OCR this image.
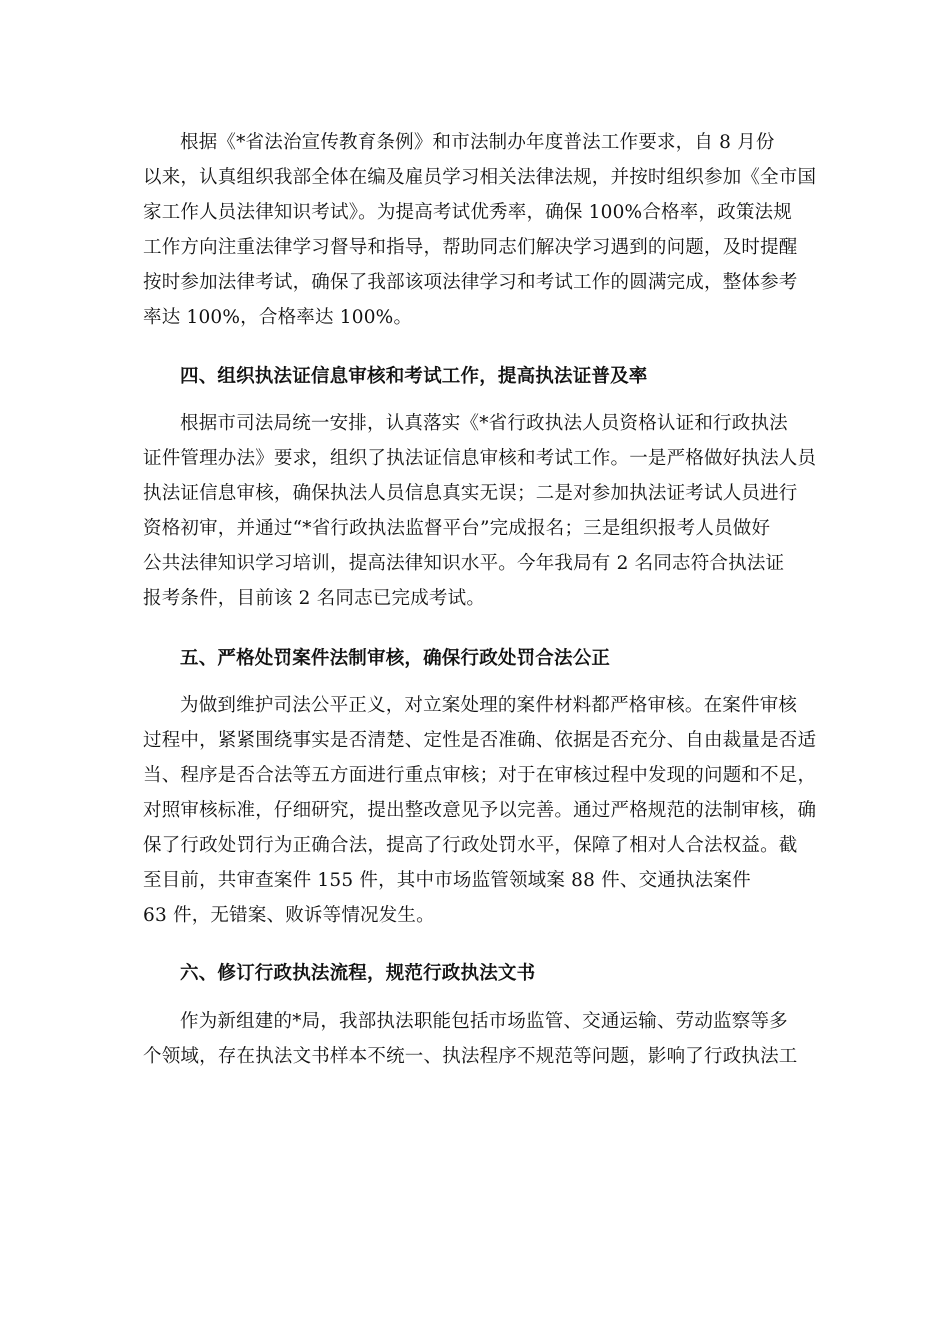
根据《*省法治宣传教育条例》和市法制办年度普法工作要求，自 8 月份
以来，认真组织我部全体在编及雇员学习相关法律法规，并按时组织参加《全市国
家工作人员法律知识考试》。为提高考试优秀率，确保 100%合格率，政策法规
工作方向注重法律学习督导和指导，帮助同志们解决学习遇到的问题，及时提醒
按时参加法律考试，确保了我部该项法律学习和考试工作的圆满完成，整体参考
率达 100%，合格率达 100%。
四、组织执法证信息审核和考试工作，提高执法证普及率
根据市司法局统一安排，认真落实《*省行政执法人员资格认证和行政执法
证件管理办法》要求，组织了执法证信息审核和考试工作。一是严格做好执法人员
执法证信息审核，确保执法人员信息真实无误；二是对参加执法证考试人员进行
资格初审，并通过“*省行政执法监督平台”完成报名；三是组织报考人员做好
公共法律知识学习培训，提高法律知识水平。今年我局有 2 名同志符合执法证
报考条件，目前该 2 名同志已完成考试。
五、严格处罚案件法制审核，确保行政处罚合法公正
为做到维护司法公平正义，对立案处理的案件材料都严格审核。在案件审核
过程中，紧紧围绕事实是否清楚、定性是否准确、依据是否充分、自由裁量是否适
当、程序是否合法等五方面进行重点审核；对于在审核过程中发现的问题和不足，
对照审核标准，仔细研究，提出整改意见予以完善。通过严格规范的法制审核，确
保了行政处罚行为正确合法，提高了行政处罚水平，保障了相对人合法权益。截
至目前，共审查案件 155 件，其中市场监管领域案 88 件、交通执法案件
63 件，无错案、败诉等情况发生。
六、修订行政执法流程，规范行政执法文书
作为新组建的*局，我部执法职能包括市场监管、交通运输、劳动监察等多
个领域，存在执法文书样本不统一、执法程序不规范等问题，影响了行政执法工
